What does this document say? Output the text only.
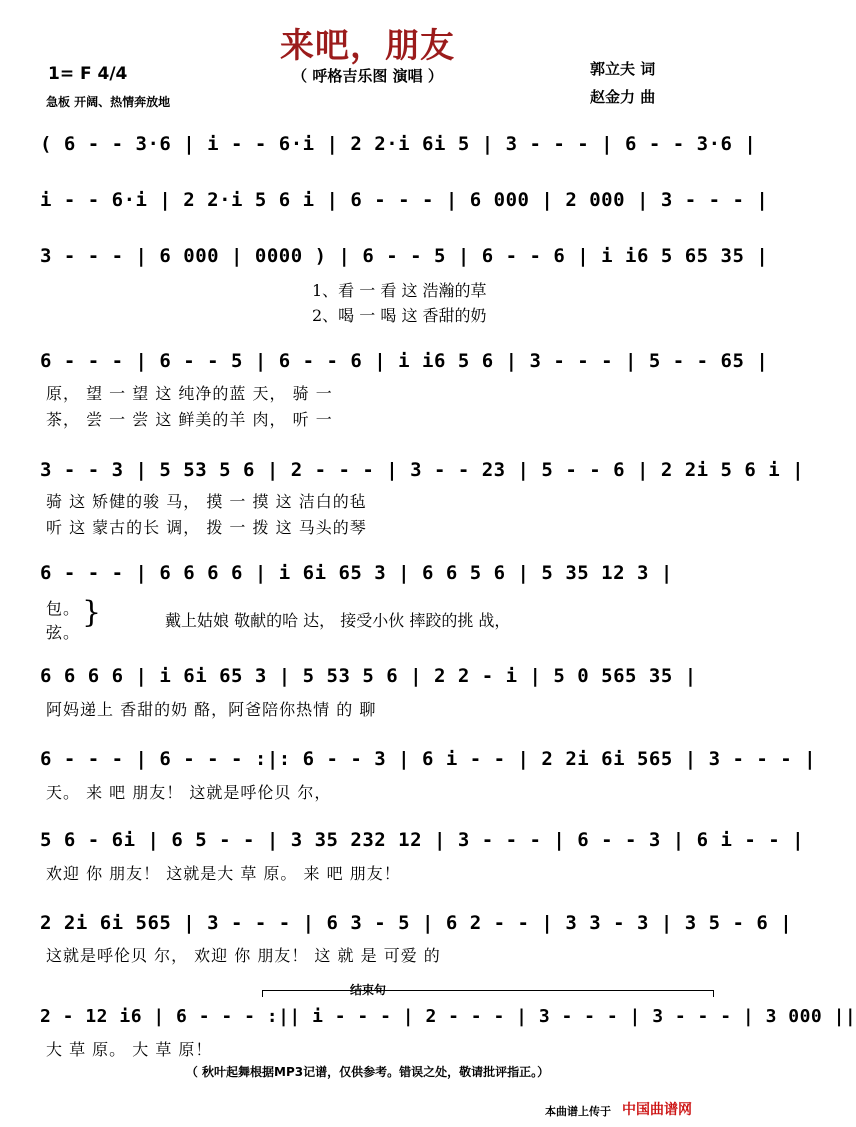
来吧，朋友
（ 呼格吉乐图 演唱 ）	郭立夫 词
赵金力 曲
1= F 4/4
急板 开阔、热情奔放地
( 6 - - 3·6 | i - - 6·i | 2 2·i 6i 5 | 3 - - - | 6 - - 3·6 |
i - - 6·i | 2 2·i 5 6 i | 6 - - - | 6 000 | 2 000 | 3 - - - |
3 - - - | 6 000 | 0000 ) | 6 - - 5 | 6 - - 6 | i i6 5 65 35 |
1、看 一 看 这 浩瀚的草
2、喝 一 喝 这 香甜的奶
6 - - - | 6 - - 5 | 6 - - 6 | i i6 5 6 | 3 - - - | 5 - - 65 |
原， 望 一 望 这 纯净的蓝 天， 骑 一
茶， 尝 一 尝 这 鲜美的羊 肉， 听 一
3 - - 3 | 5 53 5 6 | 2 - - - | 3 - - 23 | 5 - - 6 | 2 2i 5 6 i |
骑 这 矫健的骏 马， 摸 一 摸 这 洁白的毡
听 这 蒙古的长 调， 拨 一 拨 这 马头的琴
6 - - - | 6 6 6 6 | i 6i 65 3 | 6 6 5 6 | 5 35 12 3 |
包。
弦。
}	戴上姑娘 敬献的哈 达， 接受小伙 摔跤的挑 战，
6 6 6 6 | i 6i 65 3 | 5 53 5 6 | 2 2 - i | 5 0 565 35 |
阿妈递上 香甜的奶 酪，阿爸陪你热情 的 聊
6 - - - | 6 - - - :|: 6 - - 3 | 6 i - - | 2 2i 6i 565 | 3 - - - |
天。 来 吧 朋友！ 这就是呼伦贝 尔，
5 6 - 6i | 6 5 - - | 3 35 232 12 | 3 - - - | 6 - - 3 | 6 i - - |
欢迎 你 朋友！ 这就是大 草 原。 来 吧 朋友！
2 2i 6i 565 | 3 - - - | 6 3 - 5 | 6 2 - - | 3 3 - 3 | 3 5 - 6 |
这就是呼伦贝 尔， 欢迎 你 朋友！ 这 就 是 可爱 的
结束句
2 - 12 i6 | 6 - - - :|| i - - - | 2 - - - | 3 - - - | 3 - - - | 3 000 ||
大 草 原。 大 草 原！
（ 秋叶起舞根据MP3记谱，仅供参考。错误之处，敬请批评指正。）
本曲谱上传于 中国曲谱网
